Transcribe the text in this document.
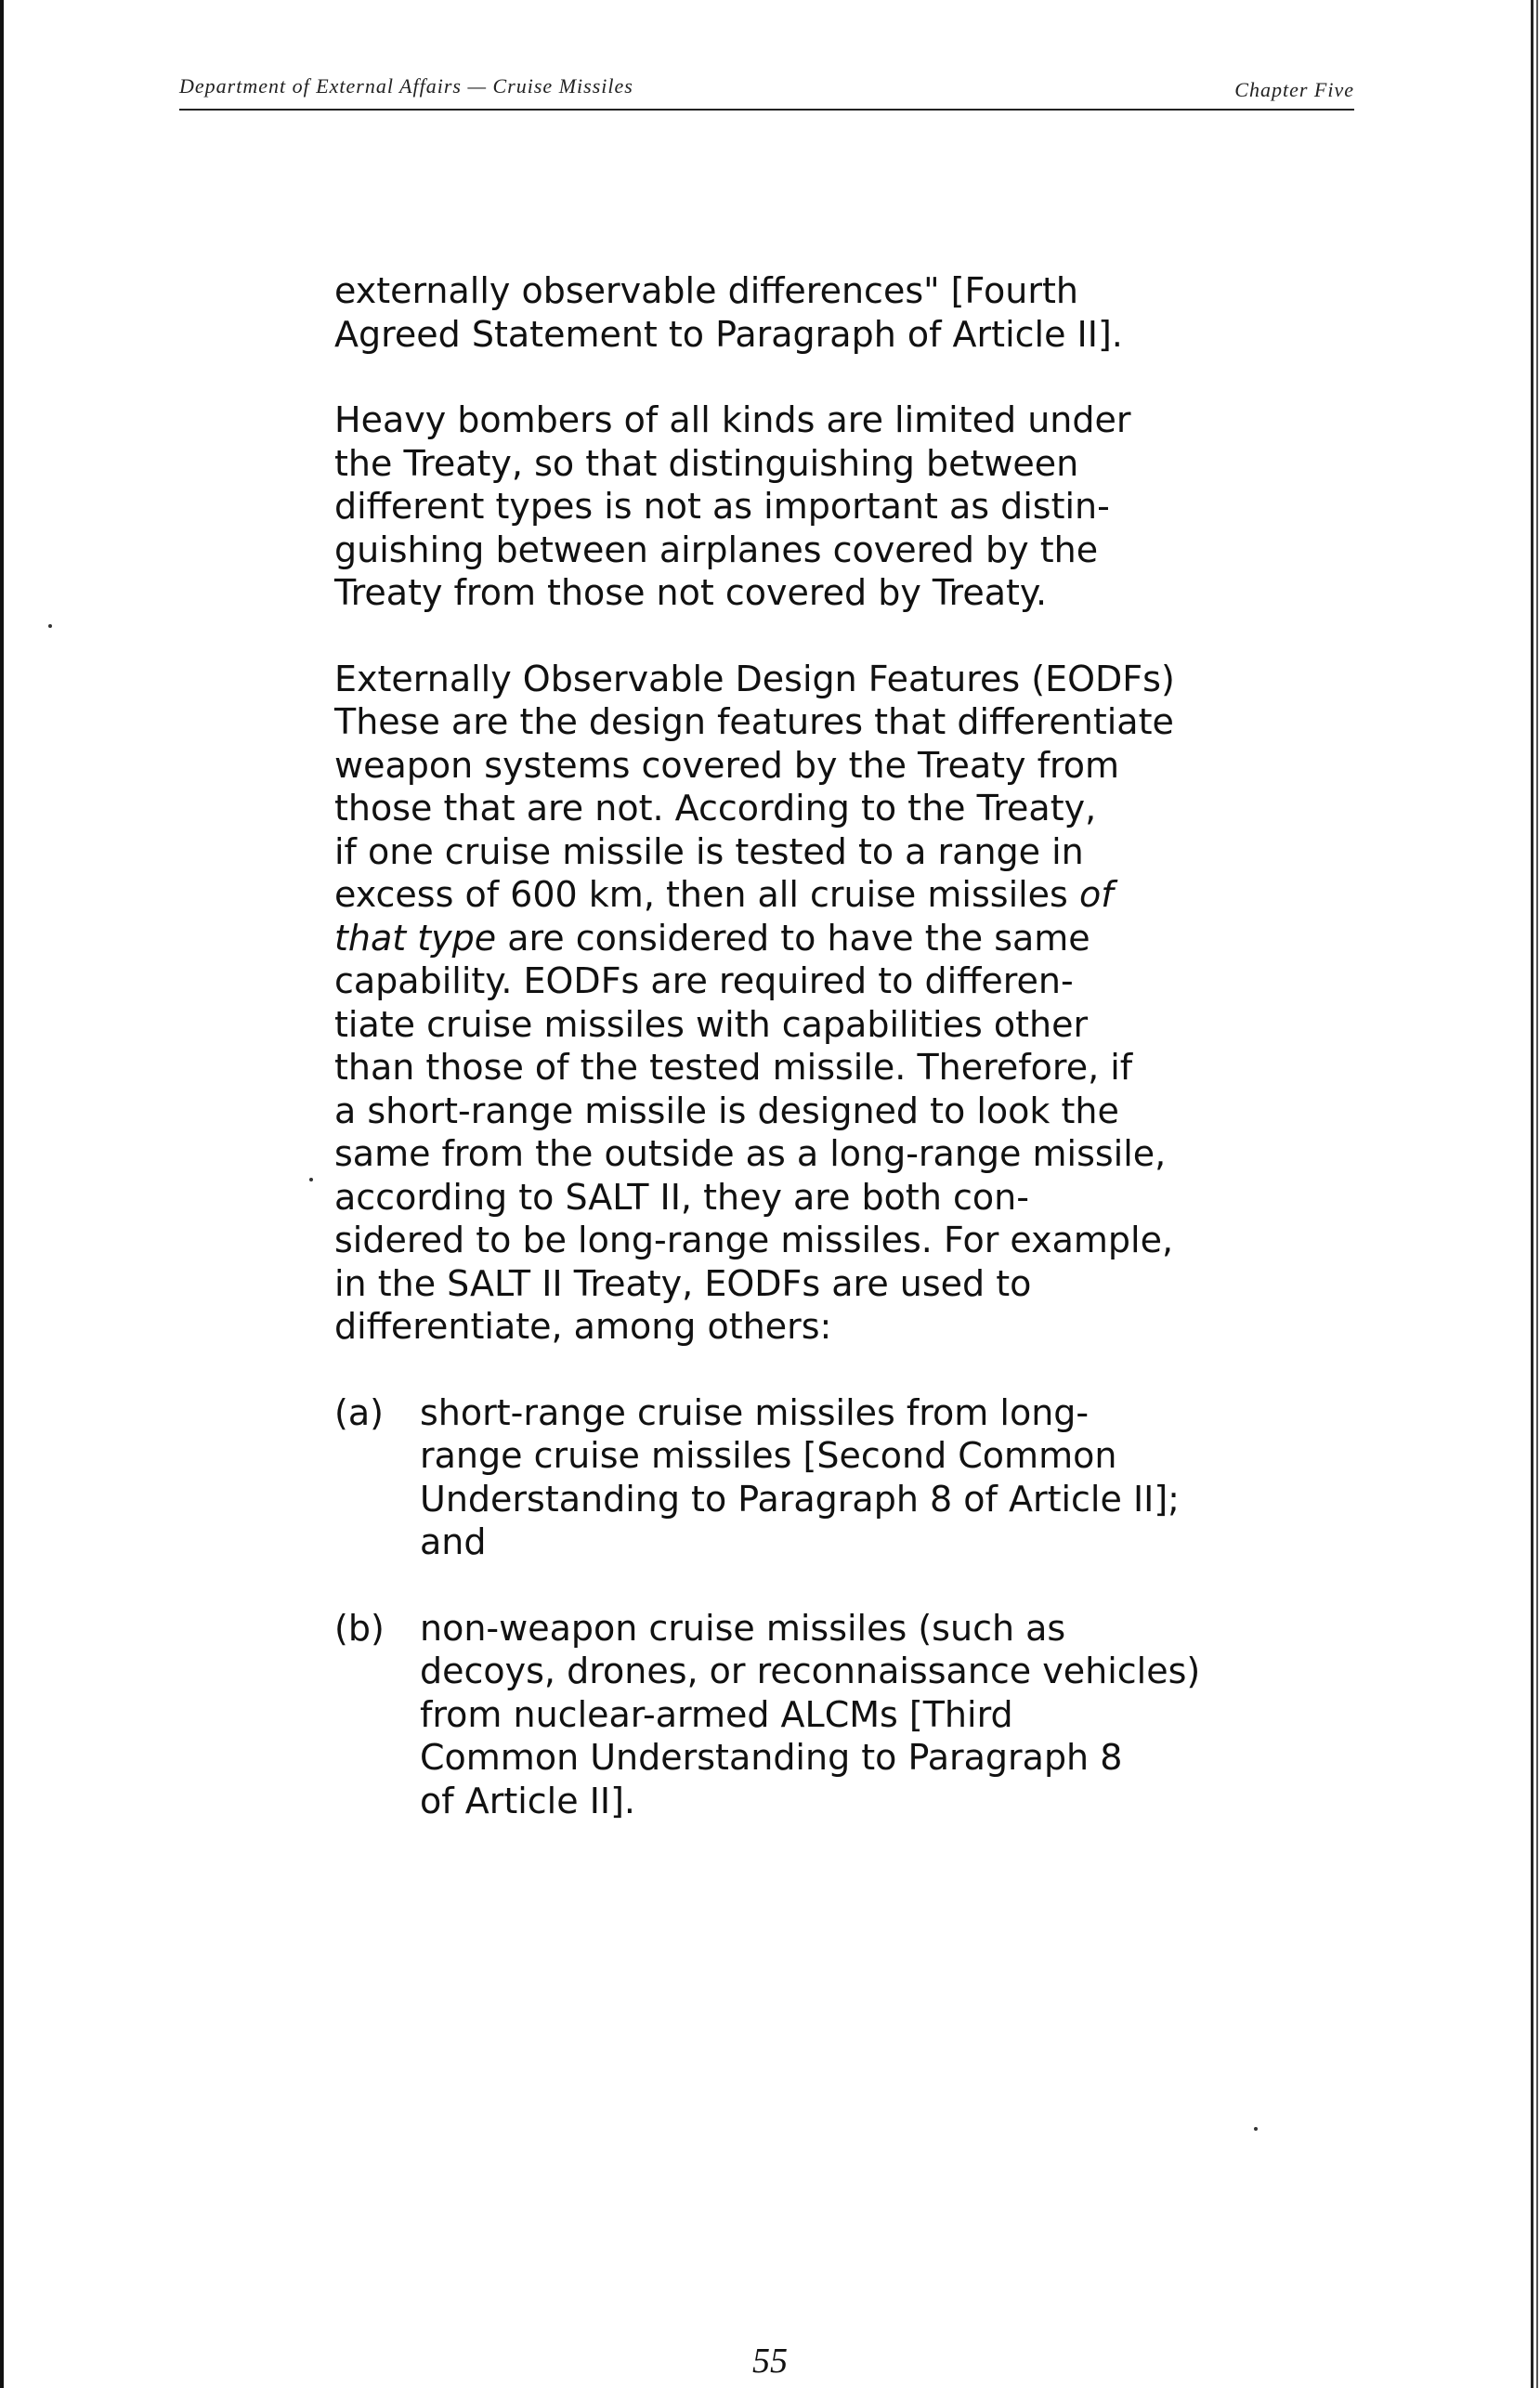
Department of External Affairs — Cruise Missiles	Chapter Five
externally observable differences" [Fourth
Agreed Statement to Paragraph of Article II].
Heavy bombers of all kinds are limited under
the Treaty, so that distinguishing between
different types is not as important as distin-
guishing between airplanes covered by the
Treaty from those not covered by Treaty.
Externally Observable Design Features (EODFs)
These are the design features that differentiate
weapon systems covered by the Treaty from
those that are not. According to the Treaty,
if one cruise missile is tested to a range in
excess of 600 km, then all cruise missiles of
that type are considered to have the same
capability. EODFs are required to differen-
tiate cruise missiles with capabilities other
than those of the tested missile. Therefore, if
a short-range missile is designed to look the
same from the outside as a long-range missile,
according to SALT II, they are both con-
sidered to be long-range missiles. For example,
in the SALT II Treaty, EODFs are used to
differentiate, among others:
(a) short-range cruise missiles from long-
range cruise missiles [Second Common
Understanding to Paragraph 8 of Article II];
and
(b) non-weapon cruise missiles (such as
decoys, drones, or reconnaissance vehicles)
from nuclear-armed ALCMs [Third
Common Understanding to Paragraph 8
of Article II].
55
